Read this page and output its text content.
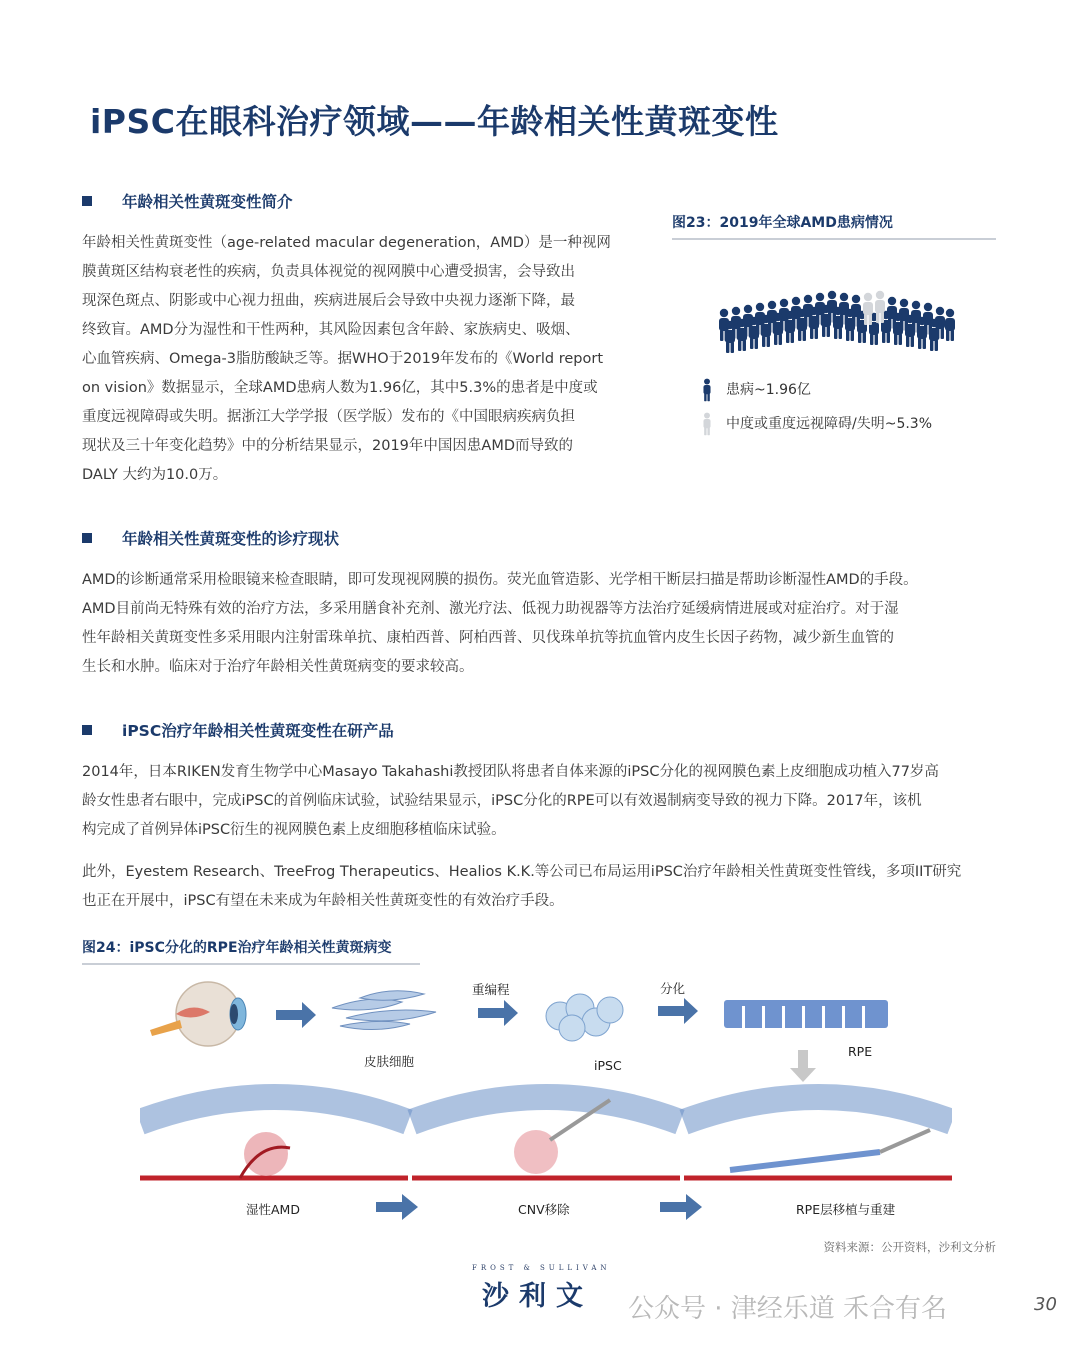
iPSC在眼科治疗领域——年龄相关性黄斑变性
年龄相关性黄斑变性简介

年龄相关性黄斑变性（age-related macular degeneration，AMD）是一种视网

膜黄斑区结构衰老性的疾病，负责具体视觉的视网膜中心遭受损害，会导致出

现深色斑点、阴影或中心视力扭曲，疾病进展后会导致中央视力逐渐下降，最

终致盲。AMD分为湿性和干性两种，其风险因素包含年龄、家族病史、吸烟、

心血管疾病、Omega-3脂肪酸缺乏等。据WHO于2019年发布的《World report

on vision》数据显示，全球AMD患病人数为1.96亿，其中5.3%的患者是中度或

重度远视障碍或失明。据浙江大学学报（医学版）发布的《中国眼病疾病负担

现状及三十年变化趋势》中的分析结果显示，2019年中国因患AMD而导致的

DALY 大约为10.0万。

图23：2019年全球AMD患病情况
患病~1.96亿
中度或重度远视障碍/失明~5.3%
年龄相关性黄斑变性的诊疗现状

AMD的诊断通常采用检眼镜来检查眼睛，即可发现视网膜的损伤。荧光血管造影、光学相干断层扫描是帮助诊断湿性AMD的手段。

AMD目前尚无特殊有效的治疗方法，多采用膳食补充剂、激光疗法、低视力助视器等方法治疗延缓病情进展或对症治疗。对于湿

性年龄相关黄斑变性多采用眼内注射雷珠单抗、康柏西普、阿柏西普、贝伐珠单抗等抗血管内皮生长因子药物，减少新生血管的

生长和水肿。临床对于治疗年龄相关性黄斑病变的要求较高。

iPSC治疗年龄相关性黄斑变性在研产品

2014年，日本RIKEN发育生物学中心Masayo Takahashi教授团队将患者自体来源的iPSC分化的视网膜色素上皮细胞成功植入77岁高

龄女性患者右眼中，完成iPSC的首例临床试验，试验结果显示，iPSC分化的RPE可以有效遏制病变导致的视力下降。2017年，该机

构完成了首例异体iPSC衍生的视网膜色素上皮细胞移植临床试验。

此外，Eyestem Research、TreeFrog Therapeutics、Healios K.K.等公司已布局运用iPSC治疗年龄相关性黄斑变性管线，多项IIT研究

也正在开展中，iPSC有望在未来成为年龄相关性黄斑变性的有效治疗手段。

图24：iPSC分化的RPE治疗年龄相关性黄斑病变
皮肤细胞
重编程
iPSC
分化
RPE
湿性AMD	CNV移除	RPE层移植与重建
资料来源：公开资料，沙利文分析
FROST & SULLIVAN
沙利文 公众号 · 津经乐道 禾合有名	30
